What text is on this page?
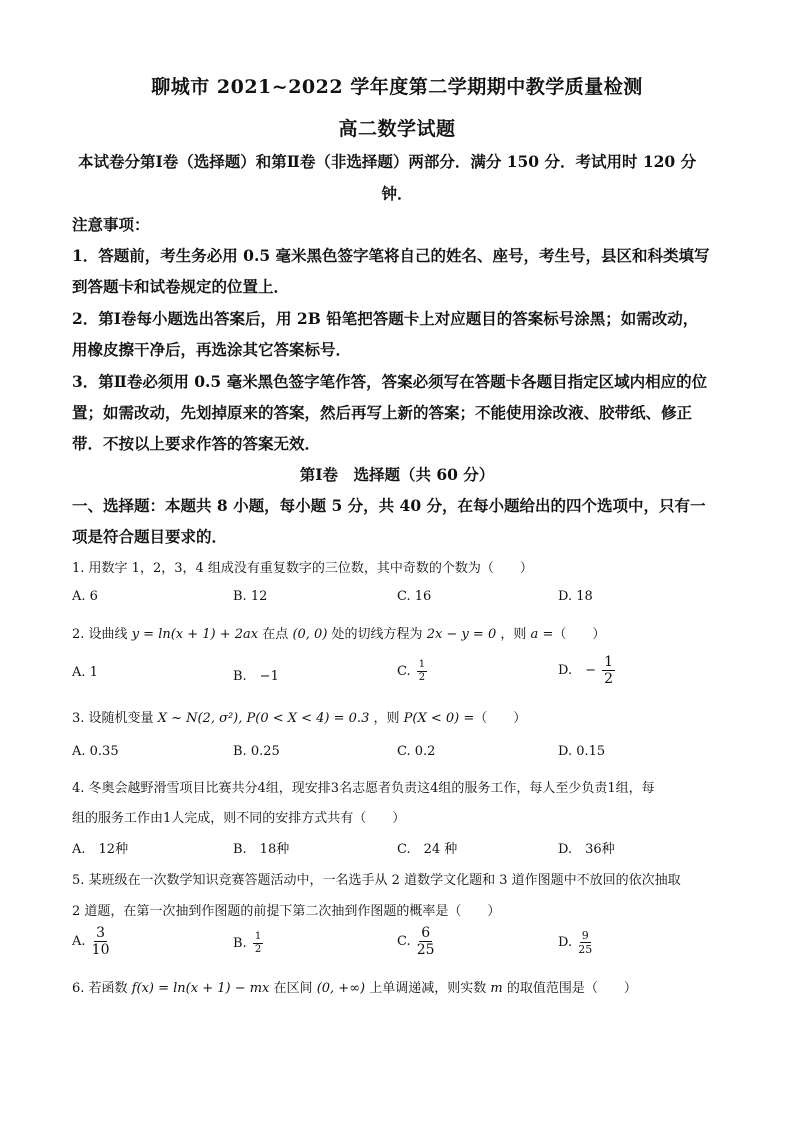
聊城市 2021~2022 学年度第二学期期中教学质量检测
高二数学试题
本试卷分第Ⅰ卷（选择题）和第Ⅱ卷（非选择题）两部分．满分 150 分．考试用时 120 分
钟．
注意事项：
1．答题前，考生务必用 0.5 毫米黑色签字笔将自己的姓名、座号，考生号，县区和科类填写
到答题卡和试卷规定的位置上．
2．第Ⅰ卷每小题选出答案后，用 2B 铅笔把答题卡上对应题目的答案标号涂黑；如需改动，
用橡皮擦干净后，再选涂其它答案标号．
3．第Ⅱ卷必须用 0.5 毫米黑色签字笔作答，答案必须写在答题卡各题目指定区域内相应的位
置；如需改动，先划掉原来的答案，然后再写上新的答案；不能使用涂改液、胶带纸、修正
带．不按以上要求作答的答案无效．
第Ⅰ卷　选择题（共 60 分）
一、选择题：本题共 8 小题，每小题 5 分，共 40 分，在每小题给出的四个选项中，只有一
项是符合题目要求的．
1. 用数字 1，2，3，4 组成没有重复数字的三位数，其中奇数的个数为（　　）
A. 6	B. 12	C. 16	D. 18
2. 设曲线 y = ln(x + 1) + 2ax 在点 (0, 0) 处的切线方程为 2x − y = 0 ，则 a =（　　）
A. 1	B.　−1	C. $\frac{1}{2}$	D.　− $\frac{1}{2}$
3. 设随机变量 X ~ N(2, σ²), P(0 < X < 4) = 0.3 ，则 P(X < 0) =（　　）
A. 0.35	B. 0.25	C. 0.2	D. 0.15
4. 冬奥会越野滑雪项目比赛共分4组，现安排3名志愿者负责这4组的服务工作，每人至少负责1组，每
组的服务工作由1人完成，则不同的安排方式共有（　　）
A.　12种	B.　18种	C.　24 种	D.　36种
5. 某班级在一次数学知识竞赛答题活动中，一名选手从 2 道数学文化题和 3 道作图题中不放回的依次抽取
2 道题，在第一次抽到作图题的前提下第二次抽到作图题的概率是（　　）
A. $\frac{3}{10}$	B. $\frac{1}{2}$	C. $\frac{6}{25}$	D. $\frac{9}{25}$
6. 若函数 f(x) = ln(x + 1) − mx 在区间 (0, +∞) 上单调递减，则实数 m 的取值范围是（　　）
